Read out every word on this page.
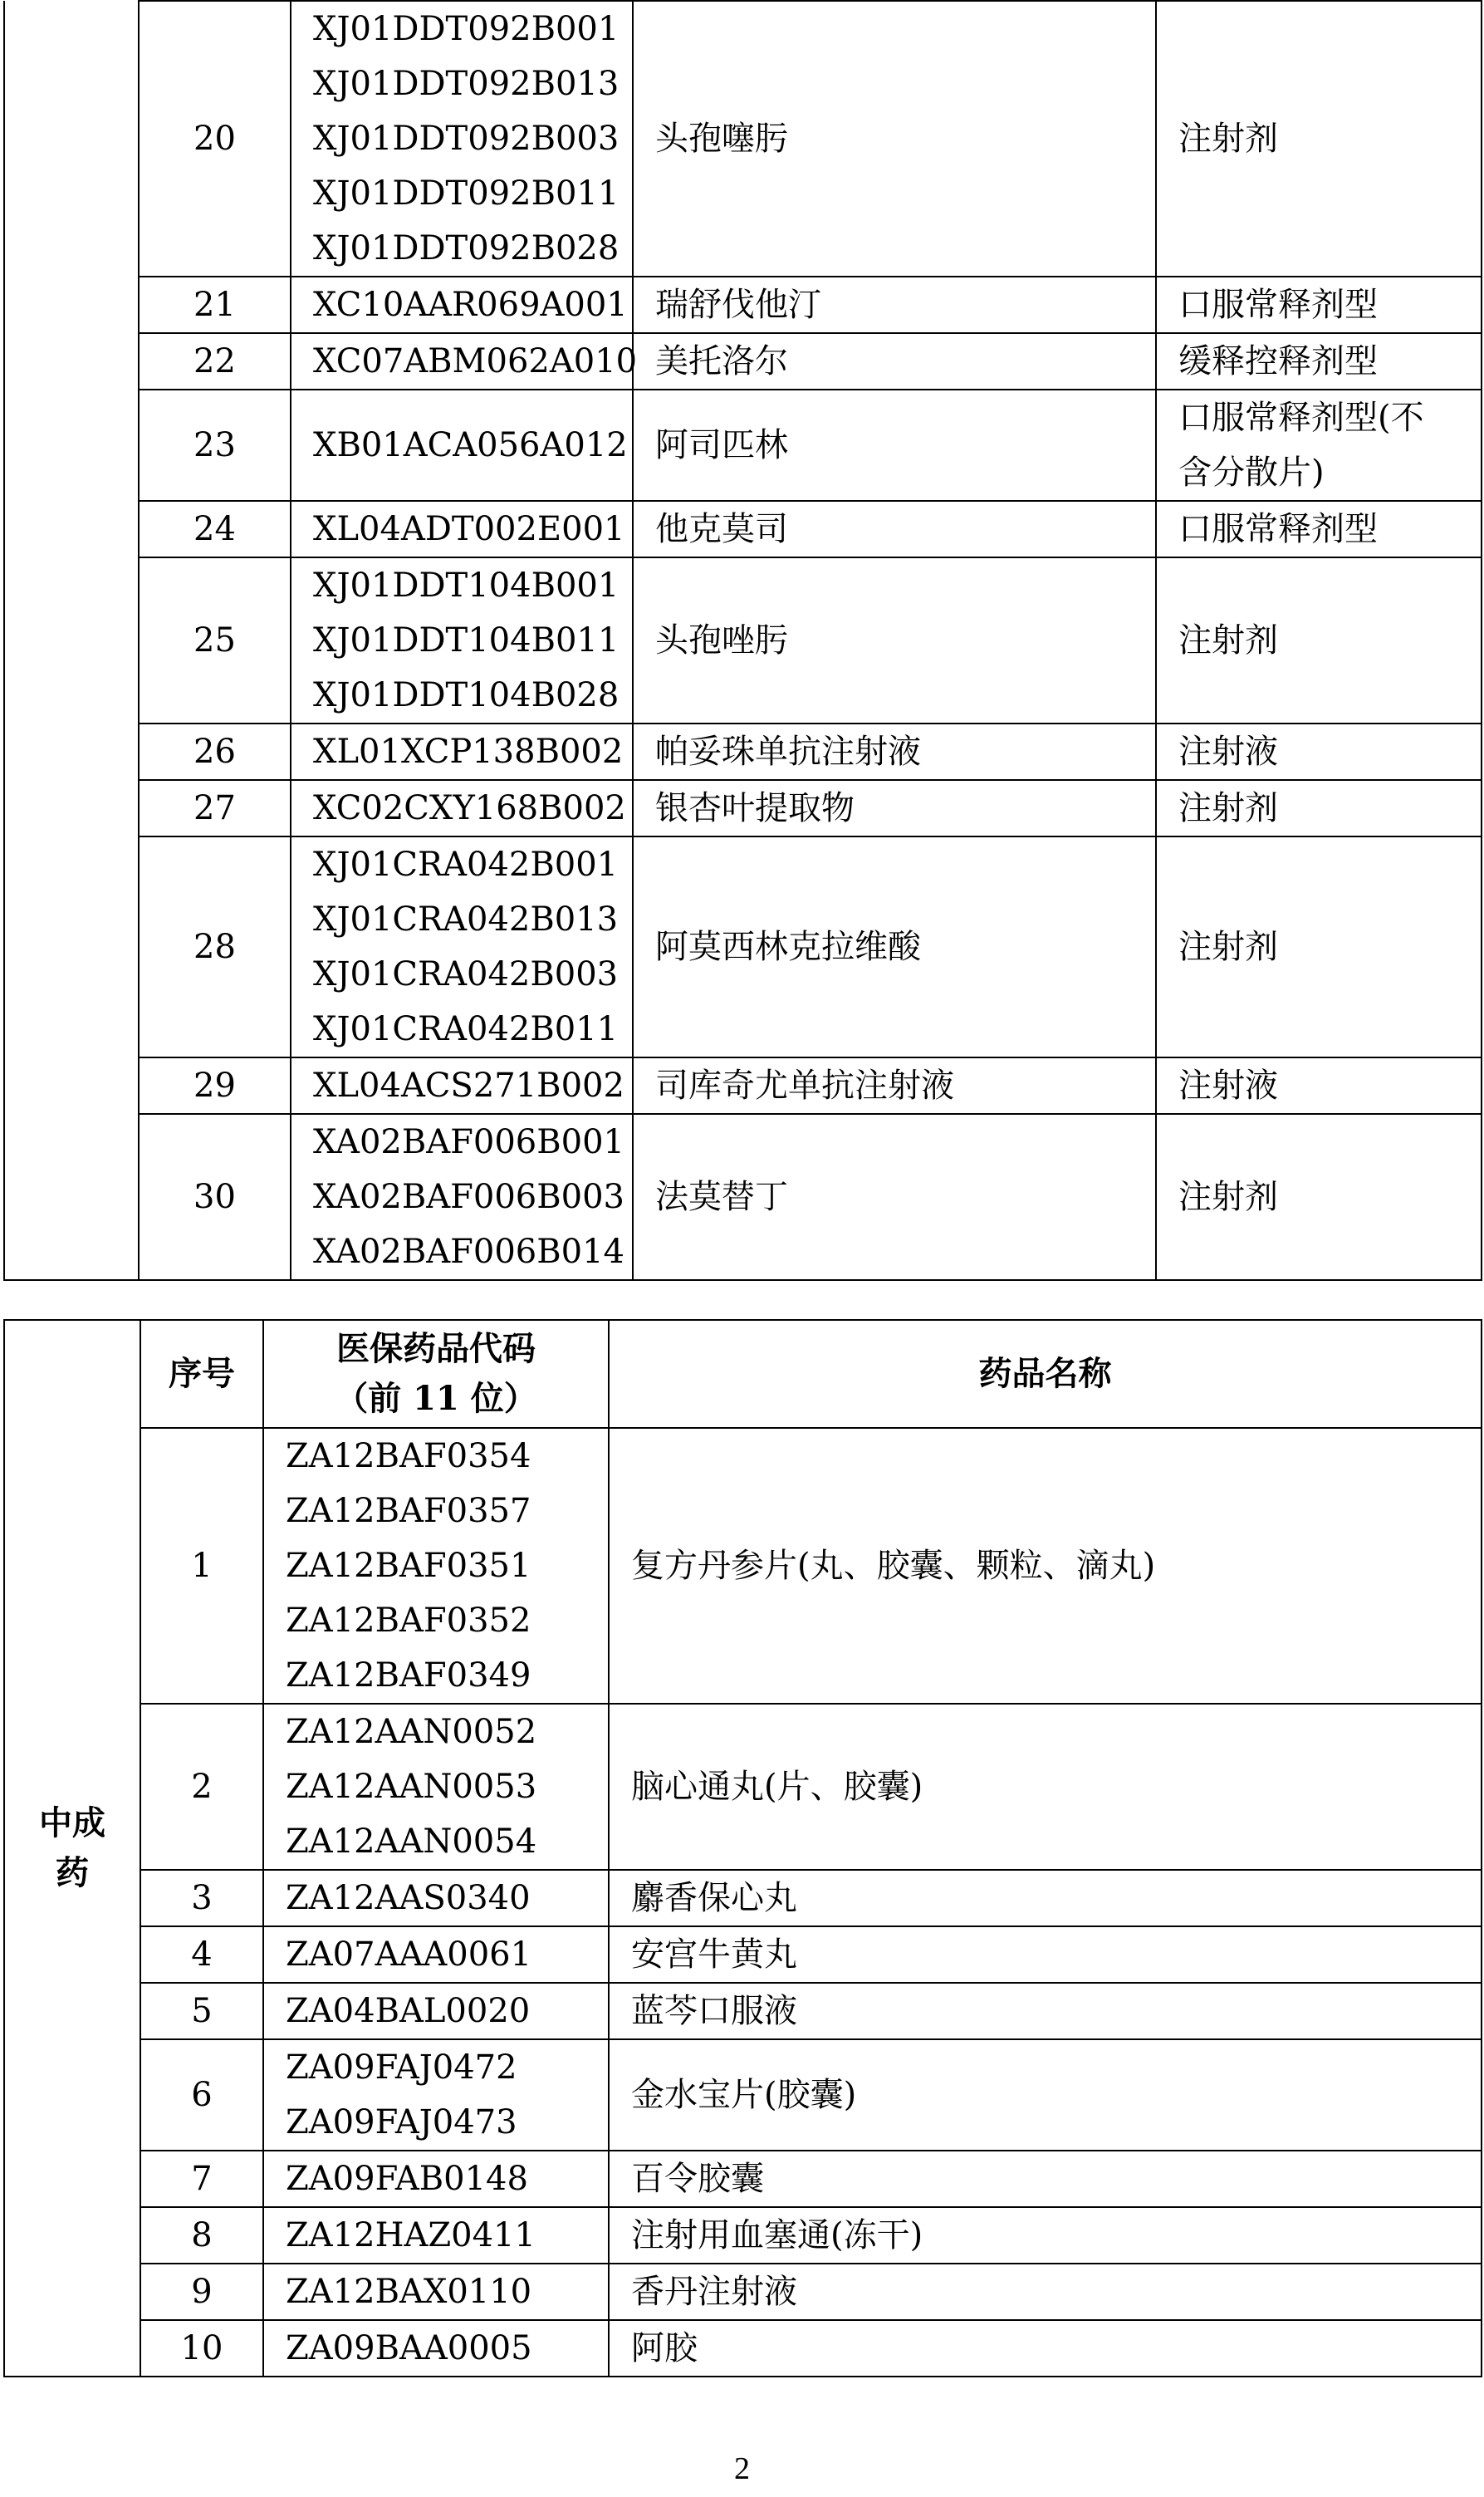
	20	XJ01DDT092B001
XJ01DDT092B013
XJ01DDT092B003
XJ01DDT092B011
XJ01DDT092B028	头孢噻肟	注射剂
	21	XC10AAR069A001	瑞舒伐他汀	口服常释剂型
	22	XC07ABM062A010	美托洛尔	缓释控释剂型
	23	XB01ACA056A012	阿司匹林	口服常释剂型(不
含分散片)
	24	XL04ADT002E001	他克莫司	口服常释剂型
	25	XJ01DDT104B001
XJ01DDT104B011
XJ01DDT104B028	头孢唑肟	注射剂
	26	XL01XCP138B002	帕妥珠单抗注射液	注射液
	27	XC02CXY168B002	银杏叶提取物	注射剂
	28	XJ01CRA042B001
XJ01CRA042B013
XJ01CRA042B003
XJ01CRA042B011	阿莫西林克拉维酸	注射剂
	29	XL04ACS271B002	司库奇尤单抗注射液	注射液
	30	XA02BAF006B001
XA02BAF006B003
XA02BAF006B014	法莫替丁	注射剂
中成
药	序号	医保药品代码
（前 11 位）	药品名称
	1	ZA12BAF0354
ZA12BAF0357
ZA12BAF0351
ZA12BAF0352
ZA12BAF0349	复方丹参片(丸、胶囊、颗粒、滴丸)
	2	ZA12AAN0052
ZA12AAN0053
ZA12AAN0054	脑心通丸(片、胶囊)
	3	ZA12AAS0340	麝香保心丸
	4	ZA07AAA0061	安宫牛黄丸
	5	ZA04BAL0020	蓝芩口服液
	6	ZA09FAJ0472
ZA09FAJ0473	金水宝片(胶囊)
	7	ZA09FAB0148	百令胶囊
	8	ZA12HAZ0411	注射用血塞通(冻干)
	9	ZA12BAX0110	香丹注射液
	10	ZA09BAA0005	阿胶
2
